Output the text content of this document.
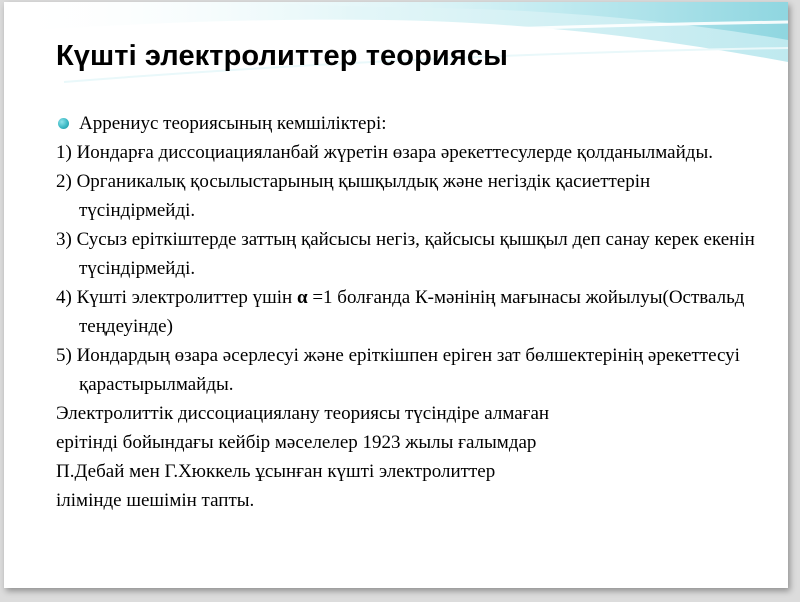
Күшті электролиттер теориясы
Аррениус теориясының кемшіліктері:
1) Иондарға диссоциацияланбай жүретін өзара әрекеттесулерде қолданылмайды.
2) Органикалық қосылыстарының қышқылдық және негіздік қасиеттерін түсіндірмейді.
3) Сусыз еріткіштерде заттың қайсысы негіз, қайсысы қышқыл деп санау керек екенін түсіндірмейді.
4) Күшті электролиттер үшін α =1 болғанда К-мәнінің мағынасы жойылуы(Оствальд теңдеуінде)
5) Иондардың өзара әсерлесуі және еріткішпен еріген зат бөлшектерінің әрекеттесуі қарастырылмайды.
Электролиттік диссоциациялану теориясы түсіндіре алмаған
ерітінді бойындағы кейбір мәселелер 1923 жылы ғалымдар
П.Дебай мен Г.Хюккель ұсынған күшті электролиттер
ілімінде шешімін тапты.
